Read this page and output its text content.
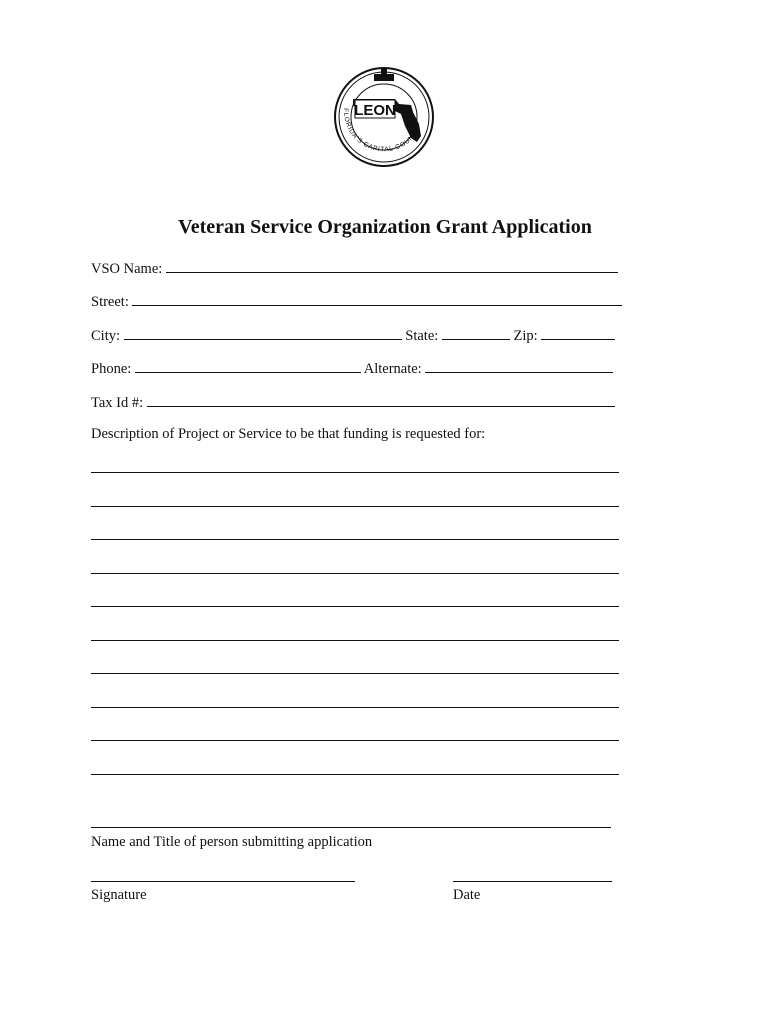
LEON
FLORIDA'S CAPITAL COUNTY
Veteran Service Organization Grant Application
VSO Name:
Street:
City:	State:	Zip:
Phone:	Alternate:
Tax Id #:
Description of Project or Service to be that funding is requested for:
Name and Title of person submitting application
Signature	Date
